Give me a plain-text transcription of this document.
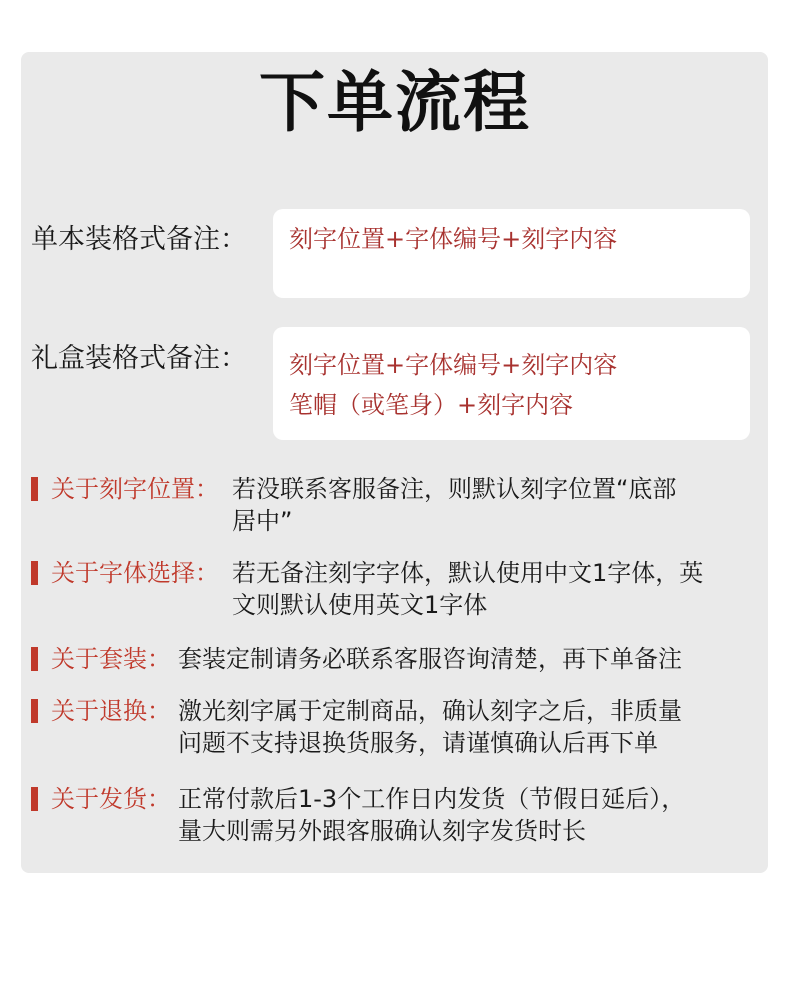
下单流程
单本装格式备注： 刻字位置+字体编号+刻字内容
礼盒装格式备注： 刻字位置+字体编号+刻字内容
笔帽（或笔身）+刻字内容
关于刻字位置： 若没联系客服备注，则默认刻字位置“底部
居中”
关于字体选择： 若无备注刻字字体，默认使用中文1字体，英
文则默认使用英文1字体
关于套装： 套装定制请务必联系客服咨询清楚，再下单备注
关于退换： 激光刻字属于定制商品，确认刻字之后，非质量
问题不支持退换货服务，请谨慎确认后再下单
关于发货： 正常付款后1-3个工作日内发货（节假日延后），
量大则需另外跟客服确认刻字发货时长
